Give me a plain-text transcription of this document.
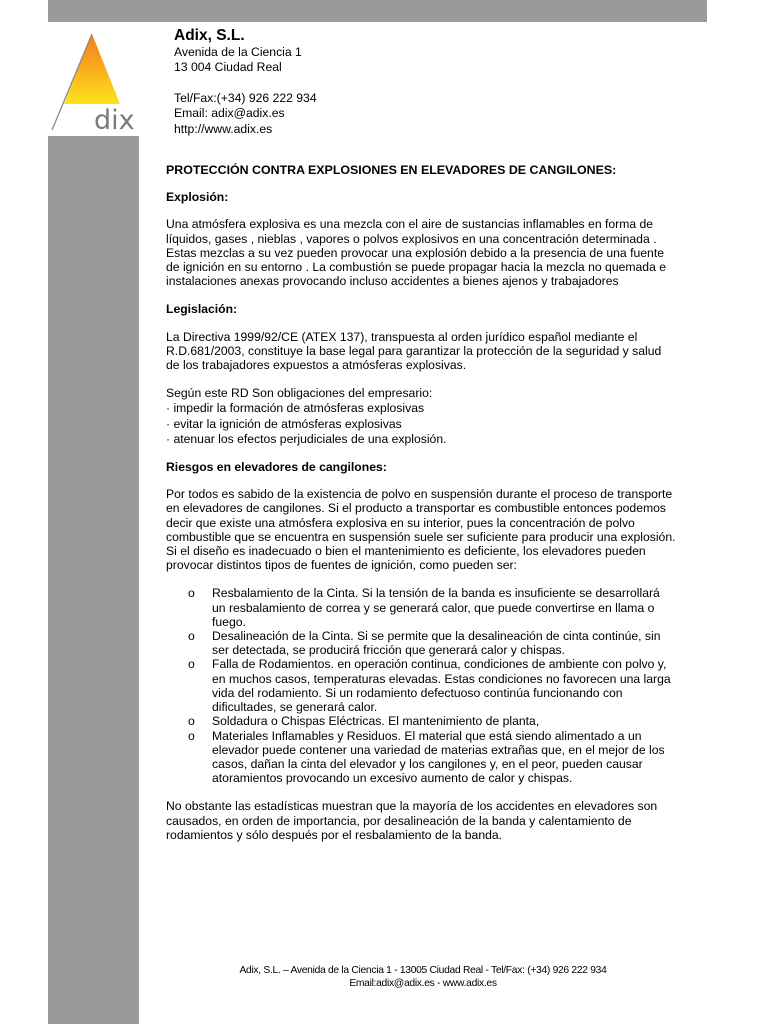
dix
Adix, S.L.
Avenida de la Ciencia 1
13 004 Ciudad Real
Tel/Fax:(+34) 926 222 934
Email: adix@adix.es
http://www.adix.es
PROTECCIÓN CONTRA EXPLOSIONES EN ELEVADORES DE CANGILONES:
Explosión:

Una atmósfera explosiva es una mezcla con el aire de sustancias inflamables en forma de líquidos, gases , nieblas , vapores o polvos explosivos en una concentración determinada . Estas mezclas a su vez pueden provocar una explosión debido a la presencia de una fuente de ignición en su entorno . La combustión se puede propagar hacia la mezcla no quemada e instalaciones anexas provocando incluso accidentes a bienes ajenos y trabajadores

Legislación:

La Directiva 1999/92/CE (ATEX 137), transpuesta al orden jurídico español mediante el R.D.681/2003, constituye la base legal para garantizar la protección de la seguridad y salud de los trabajadores expuestos a atmósferas explosivas.

Según este RD Son obligaciones del empresario:

· impedir la formación de atmósferas explosivas
· evitar la ignición de atmósferas explosivas
· atenuar los efectos perjudiciales de una explosión.
Riesgos en elevadores de cangilones:

Por todos es sabido de la existencia de polvo en suspensión durante el proceso de transporte en elevadores de cangilones. Si el producto a transportar es combustible entonces podemos decir que existe una atmósfera explosiva en su interior, pues la concentración de polvo combustible que se encuentra en suspensión suele ser suficiente para producir una explosión.

Si el diseño es inadecuado o bien el mantenimiento es deficiente, los elevadores pueden provocar distintos tipos de fuentes de ignición, como pueden ser:

o Resbalamiento de la Cinta. Si la tensión de la banda es insuficiente se desarrollará un resbalamiento de correa y se generará calor, que puede convertirse en llama o fuego.
o Desalineación de la Cinta. Si se permite que la desalineación de cinta continúe, sin ser detectada, se producirá fricción que generará calor y chispas.
o Falla de Rodamientos. en operación continua, condiciones de ambiente con polvo y, en muchos casos, temperaturas elevadas. Estas condiciones no favorecen una larga vida del rodamiento. Si un rodamiento defectuoso continúa funcionando con dificultades, se generará calor.
o Soldadura o Chispas Eléctricas. El mantenimiento de planta,
o Materiales Inflamables y Residuos. El material que está siendo alimentado a un elevador puede contener una variedad de materias extrañas que, en el mejor de los casos, dañan la cinta del elevador y los cangilones y, en el peor, pueden causar atoramientos provocando un excesivo aumento de calor y chispas.

No obstante las estadísticas muestran que la mayoría de los accidentes en elevadores son causados, en orden de importancia, por desalineación de la banda y calentamiento de rodamientos y sólo después por el resbalamiento de la banda.

Adix, S.L. – Avenida de la Ciencia 1 - 13005 Ciudad Real - Tel/Fax: (+34) 926 222 934
Email:adix@adix.es - www.adix.es
